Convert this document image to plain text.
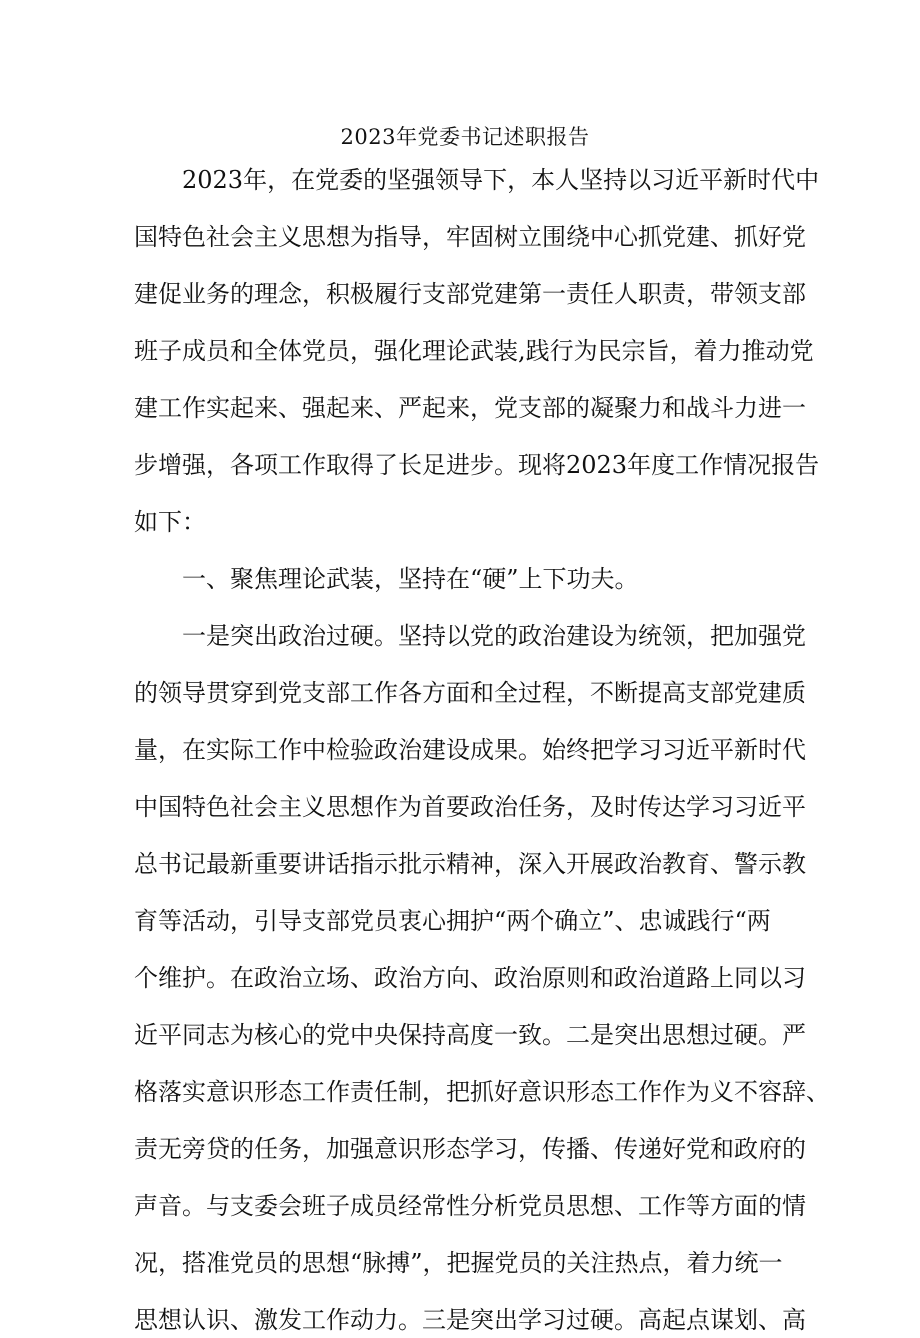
2023年党委书记述职报告

2023年，在党委的坚强领导下，本人坚持以习近平新时代中

国特色社会主义思想为指导，牢固树立围绕中心抓党建、抓好党

建促业务的理念，积极履行支部党建第一责任人职责，带领支部

班子成员和全体党员，强化理论武装,践行为民宗旨，着力推动党

建工作实起来、强起来、严起来，党支部的凝聚力和战斗力进一

步增强，各项工作取得了长足进步。现将2023年度工作情况报告

如下：

一、聚焦理论武装，坚持在“硬”上下功夫。

一是突出政治过硬。坚持以党的政治建设为统领，把加强党

的领导贯穿到党支部工作各方面和全过程，不断提高支部党建质

量，在实际工作中检验政治建设成果。始终把学习习近平新时代

中国特色社会主义思想作为首要政治任务，及时传达学习习近平

总书记最新重要讲话指示批示精神，深入开展政治教育、警示教

育等活动，引导支部党员衷心拥护“两个确立”、忠诚践行“两

个维护。在政治立场、政治方向、政治原则和政治道路上同以习

近平同志为核心的党中央保持高度一致。二是突出思想过硬。严

格落实意识形态工作责任制，把抓好意识形态工作作为义不容辞、

责无旁贷的任务，加强意识形态学习，传播、传递好党和政府的

声音。与支委会班子成员经常性分析党员思想、工作等方面的情

况，搭准党员的思想“脉搏”，把握党员的关注热点，着力统一

思想认识、激发工作动力。三是突出学习过硬。高起点谋划、高
